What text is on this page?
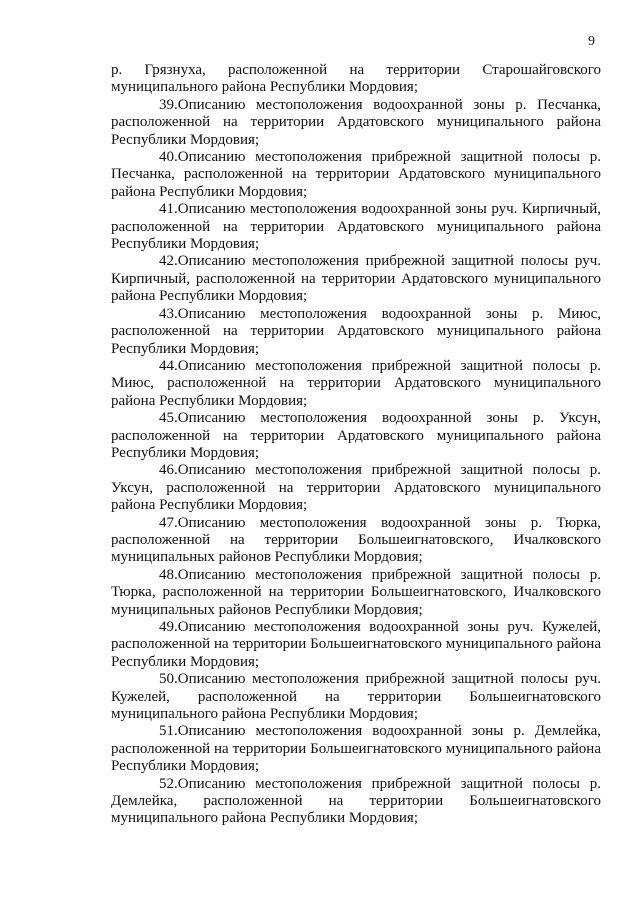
9

р. Грязнуха, расположенной на территории Старошайговского муниципального района Республики Мордовия;

39.Описанию местоположения водоохранной зоны р. Песчанка, расположенной на территории Ардатовского муниципального района Республики Мордовия;

40.Описанию местоположения прибрежной защитной полосы р. Песчанка, расположенной на территории Ардатовского муниципального района Республики Мордовия;

41.Описанию местоположения водоохранной зоны руч. Кирпичный, расположенной на территории Ардатовского муниципального района Республики Мордовия;

42.Описанию местоположения прибрежной защитной полосы руч. Кирпичный, расположенной на территории Ардатовского муниципального района Республики Мордовия;

43.Описанию местоположения водоохранной зоны р. Миюс, расположенной на территории Ардатовского муниципального района Республики Мордовия;

44.Описанию местоположения прибрежной защитной полосы р. Миюс, расположенной на территории Ардатовского муниципального района Республики Мордовия;

45.Описанию местоположения водоохранной зоны р. Уксун, расположенной на территории Ардатовского муниципального района Республики Мордовия;

46.Описанию местоположения прибрежной защитной полосы р. Уксун, расположенной на территории Ардатовского муниципального района Республики Мордовия;

47.Описанию местоположения водоохранной зоны р. Тюрка, расположенной на территории Большеигнатовского, Ичалковского муниципальных районов Республики Мордовия;

48.Описанию местоположения прибрежной защитной полосы р. Тюрка, расположенной на территории Большеигнатовского, Ичалковского муниципальных районов Республики Мордовия;

49.Описанию местоположения водоохранной зоны руч. Кужелей, расположенной на территории Большеигнатовского муниципального района Республики Мордовия;

50.Описанию местоположения прибрежной защитной полосы руч. Кужелей, расположенной на территории Большеигнатовского муниципального района Республики Мордовия;

51.Описанию местоположения водоохранной зоны р. Демлейка, расположенной на территории Большеигнатовского муниципального района Республики Мордовия;

52.Описанию местоположения прибрежной защитной полосы р. Демлейка, расположенной на территории Большеигнатовского муниципального района Республики Мордовия;
